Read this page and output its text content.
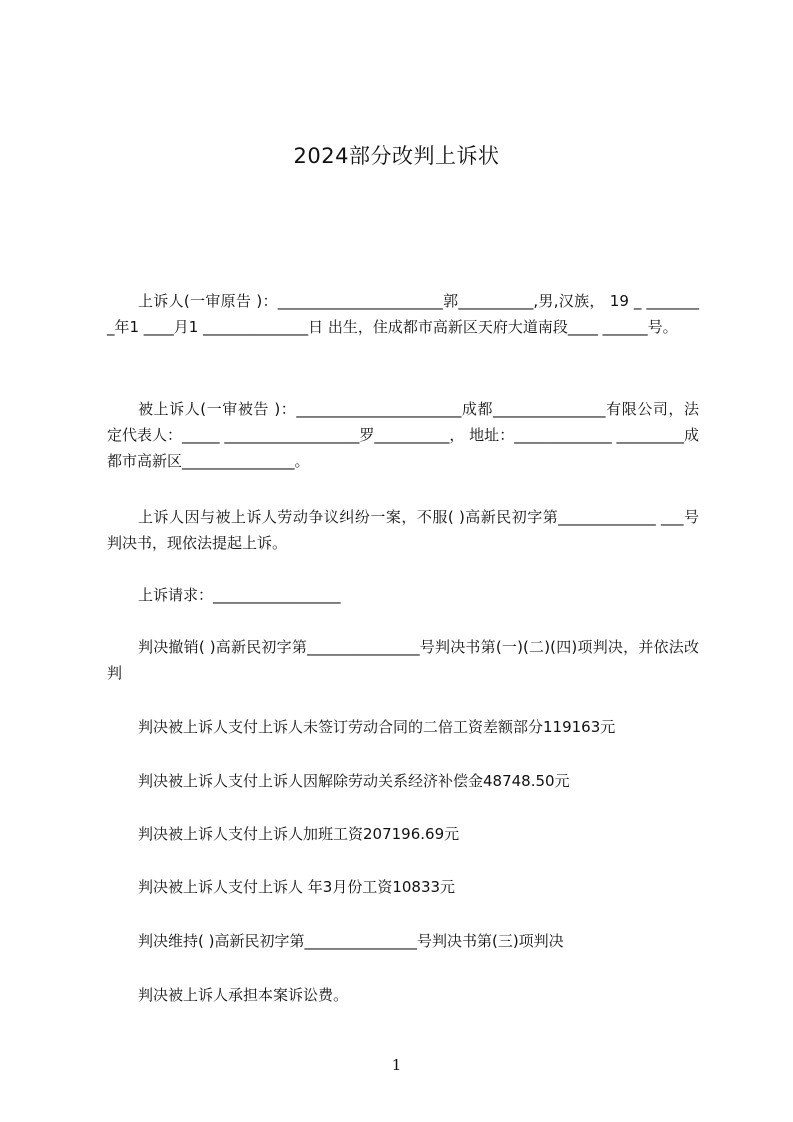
2024部分改判上诉状
上诉人(一审原告 )：______________________郭__________,男,汉族， 19 _ ________年1 ____月1 ______________日 出生，住成都市高新区天府大道南段____ ______号。
被上诉人(一审被告 )：______________________成都_______________有限公司，法定代表人：_____ __________________罗__________， 地址：_____________ _________成都市高新区_______________。
上诉人因与被上诉人劳动争议纠纷一案，不服( )高新民初字第_____________ ___号判决书，现依法提起上诉。
上诉请求：_________________
判决撤销( )高新民初字第_______________号判决书第(一)(二)(四)项判决，并依法改判
判决被上诉人支付上诉人未签订劳动合同的二倍工资差额部分119163元
判决被上诉人支付上诉人因解除劳动关系经济补偿金48748.50元
判决被上诉人支付上诉人加班工资207196.69元
判决被上诉人支付上诉人 年3月份工资10833元
判决维持( )高新民初字第_______________号判决书第(三)项判决
判决被上诉人承担本案诉讼费。
1
